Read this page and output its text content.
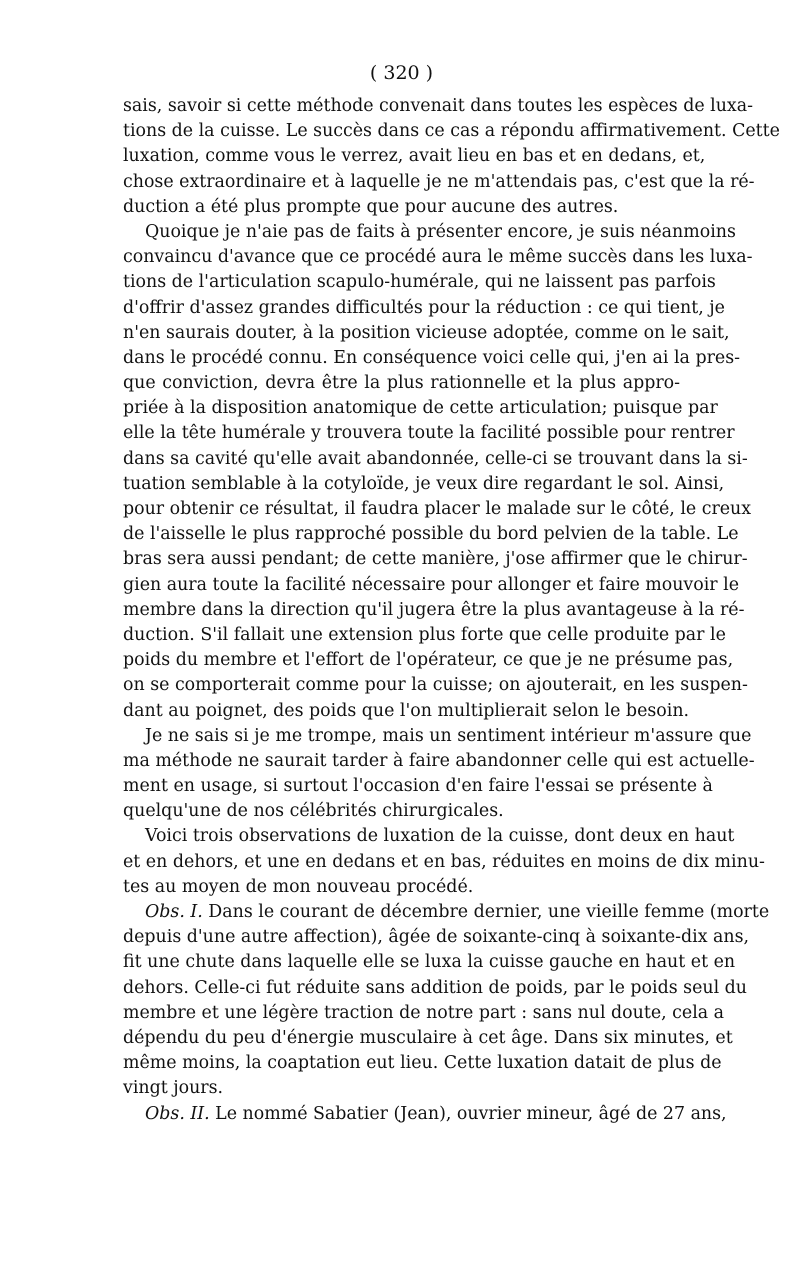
( 320 )
sais, savoir si cette méthode convenait dans toutes les espèces de luxa-
tions de la cuisse. Le succès dans ce cas a répondu affirmativement. Cette
luxation, comme vous le verrez, avait lieu en bas et en dedans, et,
chose extraordinaire et à laquelle je ne m'attendais pas, c'est que la ré-
duction a été plus prompte que pour aucune des autres.
Quoique je n'aie pas de faits à présenter encore, je suis néanmoins
convaincu d'avance que ce procédé aura le même succès dans les luxa-
tions de l'articulation scapulo-humérale, qui ne laissent pas parfois
d'offrir d'assez grandes difficultés pour la réduction : ce qui tient, je
n'en saurais douter, à la position vicieuse adoptée, comme on le sait,
dans le procédé connu. En conséquence voici celle qui, j'en ai la pres-
que conviction, devra être la plus rationnelle et la plus appro-
priée à la disposition anatomique de cette articulation; puisque par
elle la tête humérale y trouvera toute la facilité possible pour rentrer
dans sa cavité qu'elle avait abandonnée, celle-ci se trouvant dans la si-
tuation semblable à la cotyloïde, je veux dire regardant le sol. Ainsi,
pour obtenir ce résultat, il faudra placer le malade sur le côté, le creux
de l'aisselle le plus rapproché possible du bord pelvien de la table. Le
bras sera aussi pendant; de cette manière, j'ose affirmer que le chirur-
gien aura toute la facilité nécessaire pour allonger et faire mouvoir le
membre dans la direction qu'il jugera être la plus avantageuse à la ré-
duction. S'il fallait une extension plus forte que celle produite par le
poids du membre et l'effort de l'opérateur, ce que je ne présume pas,
on se comporterait comme pour la cuisse; on ajouterait, en les suspen-
dant au poignet, des poids que l'on multiplierait selon le besoin.
Je ne sais si je me trompe, mais un sentiment intérieur m'assure que
ma méthode ne saurait tarder à faire abandonner celle qui est actuelle-
ment en usage, si surtout l'occasion d'en faire l'essai se présente à
quelqu'une de nos célébrités chirurgicales.
Voici trois observations de luxation de la cuisse, dont deux en haut
et en dehors, et une en dedans et en bas, réduites en moins de dix minu-
tes au moyen de mon nouveau procédé.
Obs. I. Dans le courant de décembre dernier, une vieille femme (morte
depuis d'une autre affection), âgée de soixante-cinq à soixante-dix ans,
fit une chute dans laquelle elle se luxa la cuisse gauche en haut et en
dehors. Celle-ci fut réduite sans addition de poids, par le poids seul du
membre et une légère traction de notre part : sans nul doute, cela a
dépendu du peu d'énergie musculaire à cet âge. Dans six minutes, et
même moins, la coaptation eut lieu. Cette luxation datait de plus de
vingt jours.
Obs. II. Le nommé Sabatier (Jean), ouvrier mineur, âgé de 27 ans,
